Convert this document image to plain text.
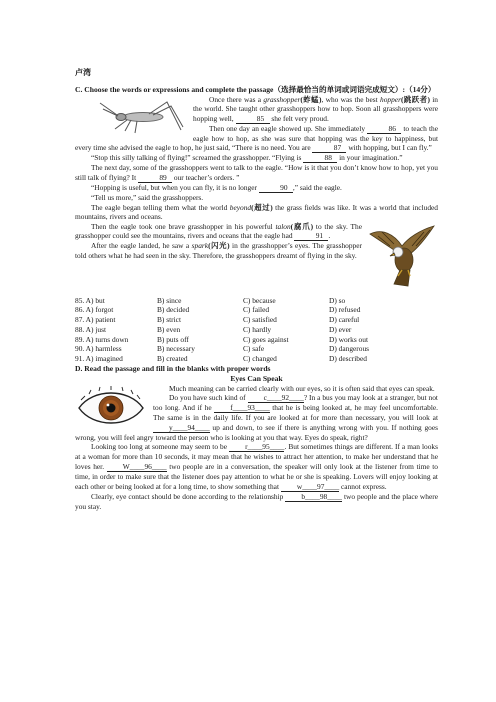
卢湾
C. Choose the words or expressions and complete the passage（选择最恰当的单词或词语完成短文）:（14分）

Once there was a grasshopper(蚱蜢), who was the best hopper(跳跃者) in the world. She taught other grasshoppers how to hop. Soon all grasshoppers were hopping well,	85 she felt very proud.

Then one day an eagle showed up. She immediately	86 to teach the eagle how to hop, as she was sure that hopping was the key to happiness, but every time she advised the eagle to hop, he just said, “There is no need. You are	87 with hopping, but I can fly.”

“Stop this silly talking of flying!” screamed the grasshopper. “Flying is	88 in your imagination.”

The next day, some of the grasshoppers went to talk to the eagle. “How is it that you don’t know how to hop, yet you still talk of flying? It	89 our teacher’s orders. ”

“Hopping is useful, but when you can fly, it is no longer	90 ,” said the eagle.

“Tell us more,” said the grasshoppers.

The eagle began telling them what the world beyond(超过) the grass fields was like. It was a world that included mountains, rivers and oceans.

Then the eagle took one brave grasshopper in his powerful talon(腐爪) to the sky. The grasshopper could see the mountains, rivers and oceans that the eagle had	91 .

After the eagle landed, he saw a spark(闪光) in the grasshopper’s eyes. The grasshopper told others what he had seen in the sky. Therefore, the grasshoppers dreamt of flying in the sky.

85. A) but	B) since	C) because	D) so
86. A) forgot	B) decided	C) failed	D) refused
87. A) patient	B) strict	C) satisfied	D) careful
88. A) just	B) even	C) hardly	D) ever
89. A) turns down	B) puts off	C) goes against	D) works out
90. A) harmless	B) necessary	C) safe	D) dangerous
91. A) imagined	B) created	C) changed	D) described
D. Read the passage and fill in the blanks with proper words
Eyes Can Speak

Much meaning can be carried clearly with our eyes, so it is often said that eyes can speak.

Do you have such kind of c____92____? In a bus you may look at a stranger, but not too long. And if he f____93____ that he is being looked at, he may feel uncomfortable. The same is in the daily life. If you are looked at for more than necessary, you will look at y____94____ up and down, to see if there is anything wrong with you. If nothing goes wrong, you will feel angry toward the person who is looking at you that way. Eyes do speak, right?

Looking too long at someone may seem to be r____95____. But sometimes things are different. If a man looks at a woman for more than 10 seconds, it may mean that he wishes to attract her attention, to make her understand that he loves her. W____96____ two people are in a conversation, the speaker will only look at the listener from time to time, in order to make sure that the listener does pay attention to what he or she is speaking. Lovers will enjoy looking at each other or being looked at for a long time, to show something that w____97____ cannot express.

Clearly, eye contact should be done according to the relationship b____98____ two people and the place where you stay.
